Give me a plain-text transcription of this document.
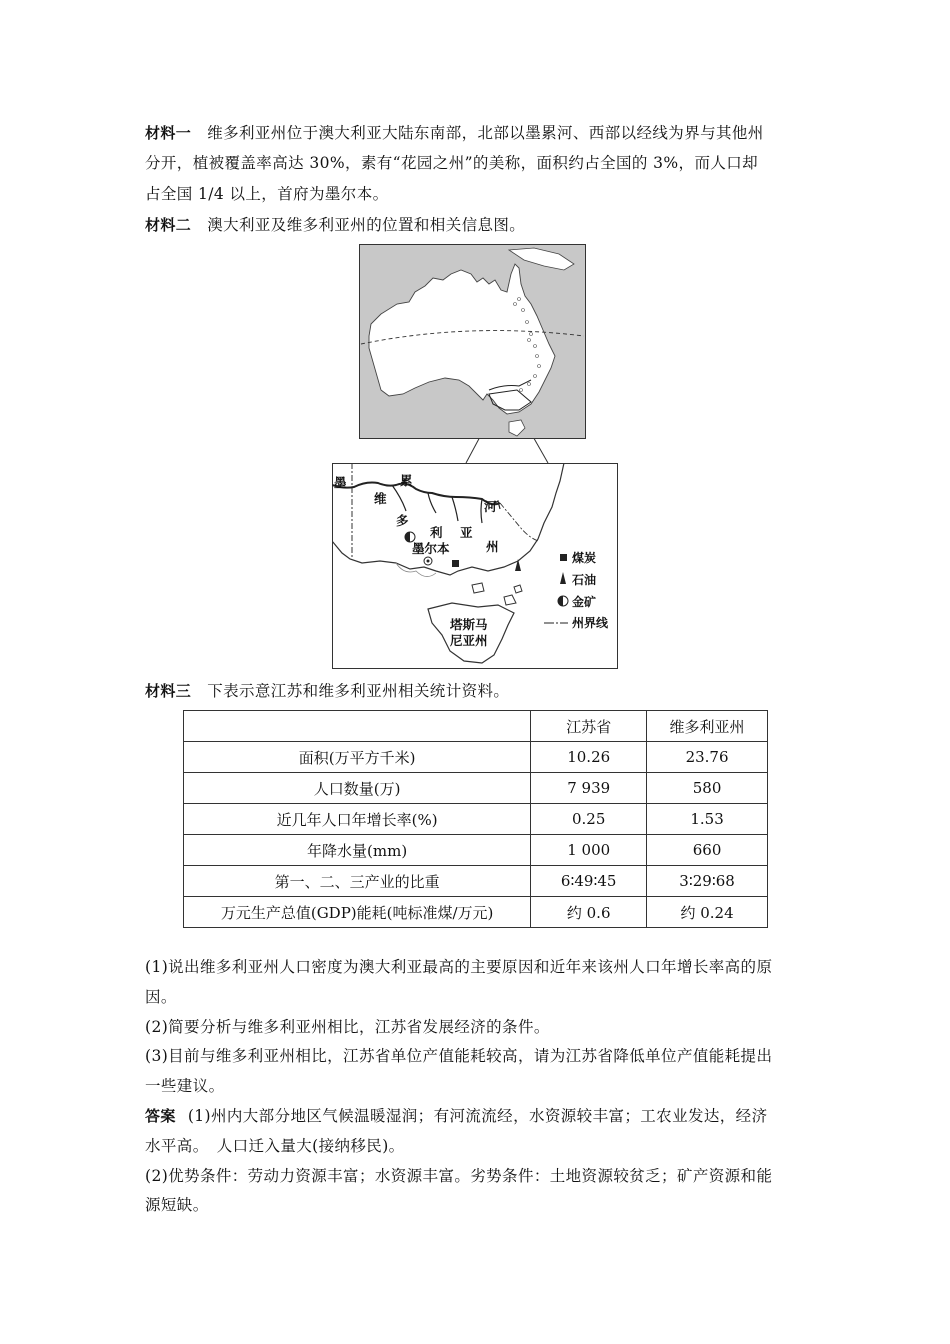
材料一 维多利亚州位于澳大利亚大陆东南部，北部以墨累河、西部以经线为界与其他州
分开，植被覆盖率高达 30%，素有“花园之州”的美称，面积约占全国的 3%，而人口却
占全国 1/4 以上，首府为墨尔本。
材料二 澳大利亚及维多利亚州的位置和相关信息图。
墨	累
河
维
多
利 亚
州
墨尔本
塔斯马
尼亚州
煤炭
石油
金矿
州界线
材料三 下表示意江苏和维多利亚州相关统计资料。
	江苏省	维多利亚州
面积(万平方千米)	10.26	23.76
人口数量(万)	7 939	580
近几年人口年增长率(%)	0.25	1.53
年降水量(mm)	1 000	660
第一、二、三产业的比重	6∶49∶45	3∶29∶68
万元生产总值(GDP)能耗(吨标准煤/万元)	约 0.6	约 0.24
(1)说出维多利亚州人口密度为澳大利亚最高的主要原因和近年来该州人口年增长率高的原
因。
(2)简要分析与维多利亚州相比，江苏省发展经济的条件。
(3)目前与维多利亚州相比，江苏省单位产值能耗较高，请为江苏省降低单位产值能耗提出
一些建议。
答案 (1)州内大部分地区气候温暖湿润；有河流流经，水资源较丰富；工农业发达，经济
水平高。　人口迁入量大(接纳移民)。
(2)优势条件：劳动力资源丰富；水资源丰富。劣势条件：土地资源较贫乏；矿产资源和能
源短缺。
